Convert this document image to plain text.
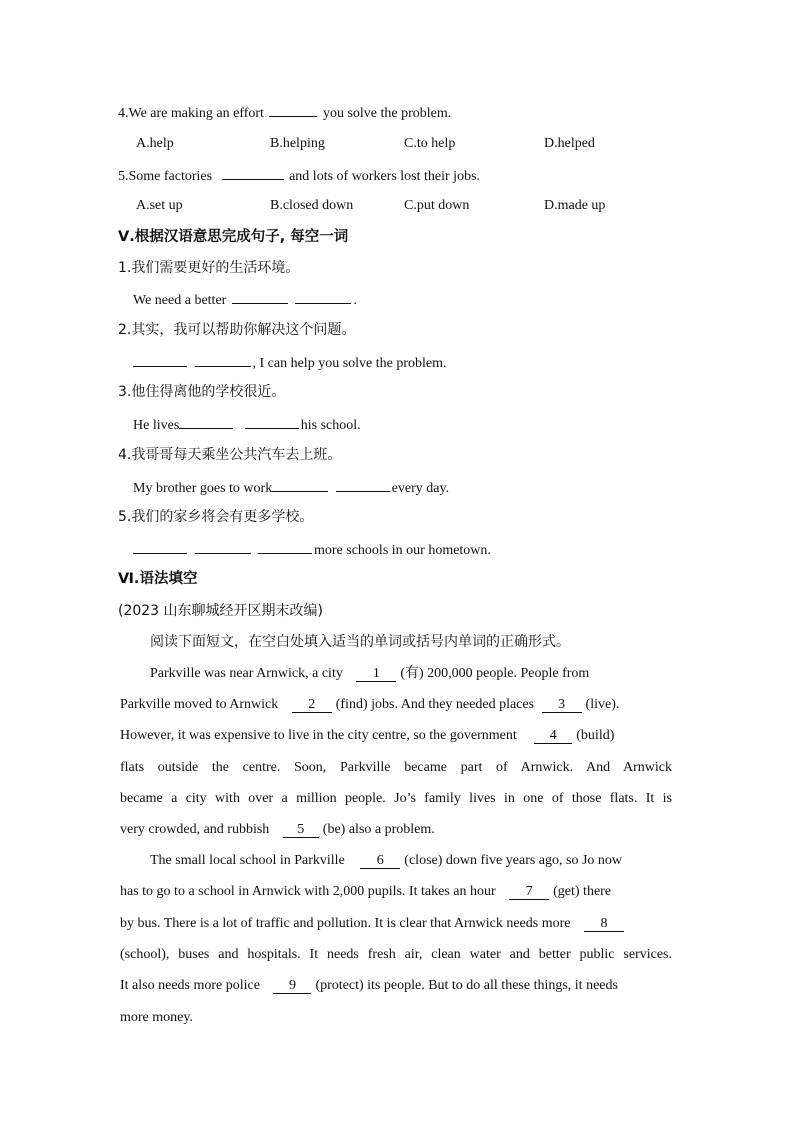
4.We are making an effort	you solve the problem.
A.help	B.helping	C.to help	D.helped
5.Some factories	and lots of workers lost their jobs.
A.set up	B.closed down	C.put down	D.made up
Ⅴ.根据汉语意思完成句子, 每空一词
1.我们需要更好的生活环境。
We need a better	.
2.其实，我可以帮助你解决这个问题。
, I can help you solve the problem.
3.他住得离他的学校很近。
He lives	his school.
4.我哥哥每天乘坐公共汽车去上班。
My brother goes to work	every day.
5.我们的家乡将会有更多学校。
more schools in our hometown.
Ⅵ.语法填空
(2023 山东聊城经开区期末改编)
阅读下面短文，在空白处填入适当的单词或括号内单词的正确形式。
Parkville was near Arnwick, a city 1 (有) 200,000 people. People from
Parkville moved to Arnwick 2 (find) jobs. And they needed places 3 (live).
However, it was expensive to live in the city centre, so the government 4 (build)
flats outside the centre. Soon, Parkville became part of Arnwick. And Arnwick
became a city with over a million people. Jo’s family lives in one of those flats. It is
very crowded, and rubbish 5 (be) also a problem.
The small local school in Parkville 6 (close) down five years ago, so Jo now
has to go to a school in Arnwick with 2,000 pupils. It takes an hour 7 (get) there
by bus. There is a lot of traffic and pollution. It is clear that Arnwick needs more 8
(school), buses and hospitals. It needs fresh air, clean water and better public services.
It also needs more police 9 (protect) its people. But to do all these things, it needs
more money.
